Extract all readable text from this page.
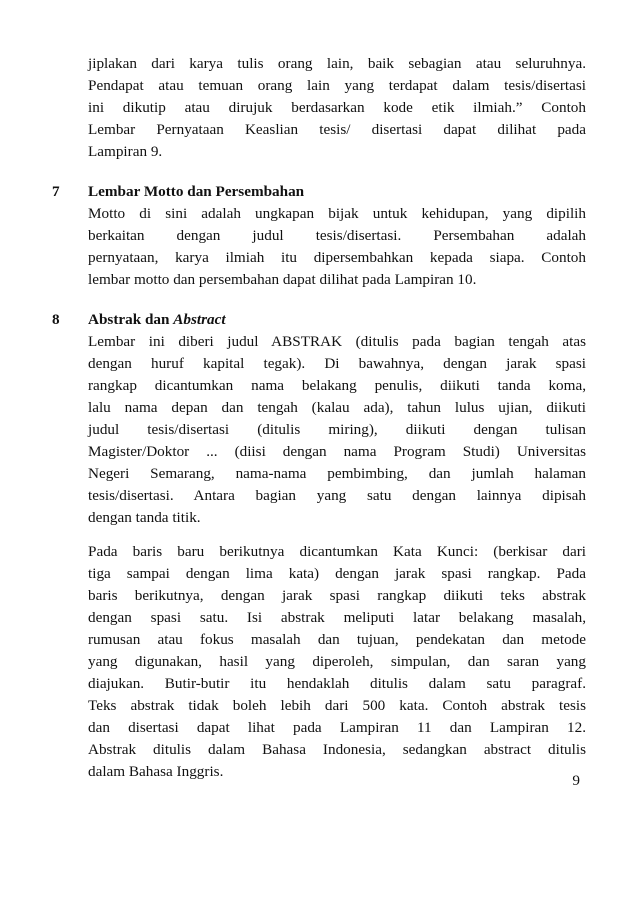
jiplakan dari karya tulis orang lain, baik sebagian atau seluruhnya.
Pendapat atau temuan orang lain yang terdapat dalam tesis/disertasi
ini dikutip atau dirujuk berdasarkan kode etik ilmiah.” Contoh
Lembar Pernyataan Keaslian tesis/ disertasi dapat dilihat pada
Lampiran 9.
7 Lembar Motto dan Persembahan
Motto di sini adalah ungkapan bijak untuk kehidupan, yang dipilih
berkaitan dengan judul tesis/disertasi. Persembahan adalah
pernyataan, karya ilmiah itu dipersembahkan kepada siapa. Contoh
lembar motto dan persembahan dapat dilihat pada Lampiran 10.
8 Abstrak dan Abstract
Lembar ini diberi judul ABSTRAK (ditulis pada bagian tengah atas
dengan huruf kapital tegak). Di bawahnya, dengan jarak spasi
rangkap dicantumkan nama belakang penulis, diikuti tanda koma,
lalu nama depan dan tengah (kalau ada), tahun lulus ujian, diikuti
judul tesis/disertasi (ditulis miring), diikuti dengan tulisan
Magister/Doktor ... (diisi dengan nama Program Studi) Universitas
Negeri Semarang, nama-nama pembimbing, dan jumlah halaman
tesis/disertasi. Antara bagian yang satu dengan lainnya dipisah
dengan tanda titik.
Pada baris baru berikutnya dicantumkan Kata Kunci: (berkisar dari
tiga sampai dengan lima kata) dengan jarak spasi rangkap. Pada
baris berikutnya, dengan jarak spasi rangkap diikuti teks abstrak
dengan spasi satu. Isi abstrak meliputi latar belakang masalah,
rumusan atau fokus masalah dan tujuan, pendekatan dan metode
yang digunakan, hasil yang diperoleh, simpulan, dan saran yang
diajukan. Butir-butir itu hendaklah ditulis dalam satu paragraf.
Teks abstrak tidak boleh lebih dari 500 kata. Contoh abstrak tesis
dan disertasi dapat lihat pada Lampiran 11 dan Lampiran 12.
Abstrak ditulis dalam Bahasa Indonesia, sedangkan abstract ditulis
dalam Bahasa Inggris.
9
